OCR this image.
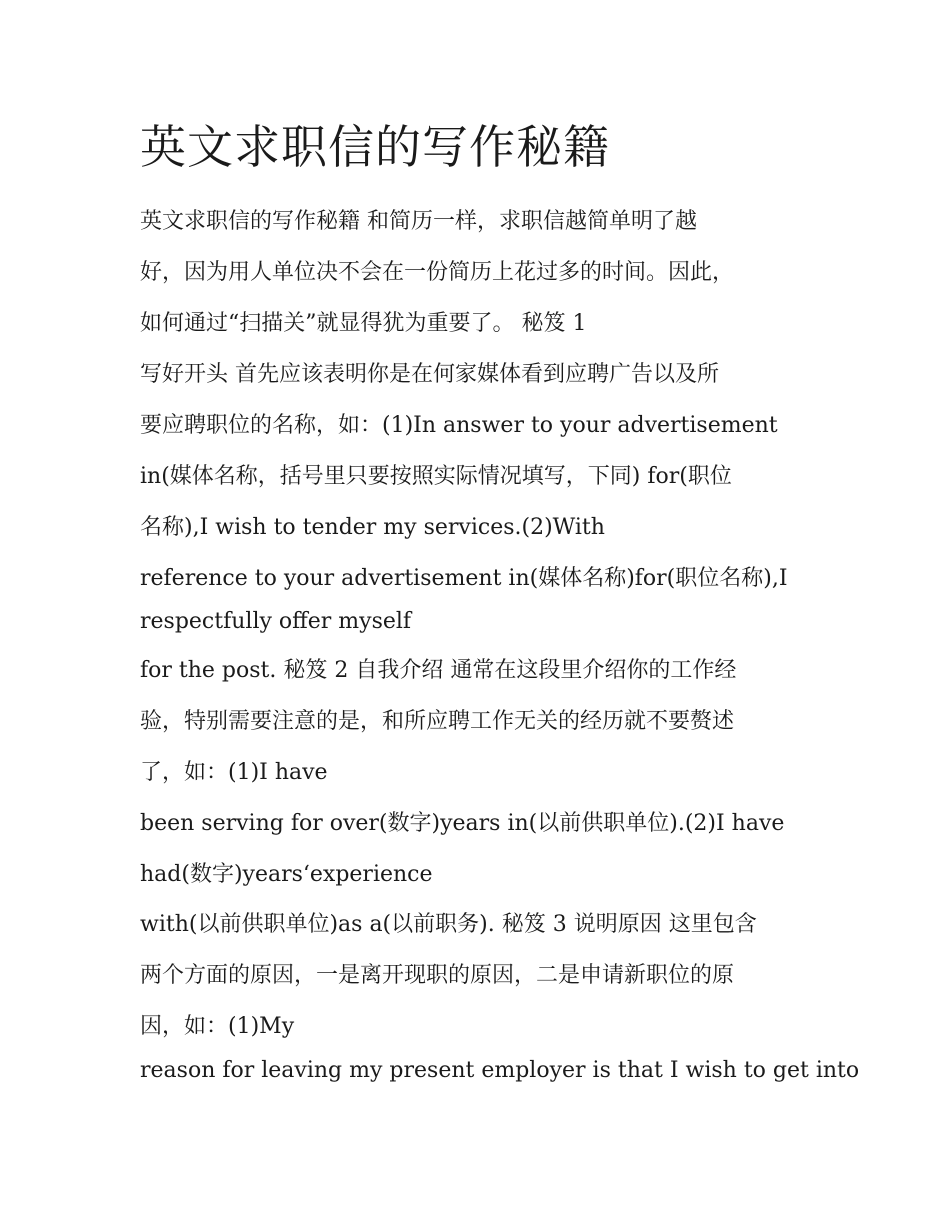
英文求职信的写作秘籍
英文求职信的写作秘籍 和简历一样，求职信越简单明了越
好，因为用人单位决不会在一份简历上花过多的时间。因此，
如何通过“扫描关”就显得犹为重要了。 秘笈 1
写好开头 首先应该表明你是在何家媒体看到应聘广告以及所
要应聘职位的名称，如：(1)In answer to your advertisement
in(媒体名称，括号里只要按照实际情况填写，下同) for(职位
名称),I wish to tender my services.(2)With
reference to your advertisement in(媒体名称)for(职位名称),I
respectfully offer myself
for the post. 秘笈 2 自我介绍 通常在这段里介绍你的工作经
验，特别需要注意的是，和所应聘工作无关的经历就不要赘述
了，如：(1)I have
been serving for over(数字)years in(以前供职单位).(2)I have
had(数字)years‘experience
with(以前供职单位)as a(以前职务). 秘笈 3 说明原因 这里包含
两个方面的原因，一是离开现职的原因，二是申请新职位的原
因，如：(1)My
reason for leaving my present employer is that I wish to get into
